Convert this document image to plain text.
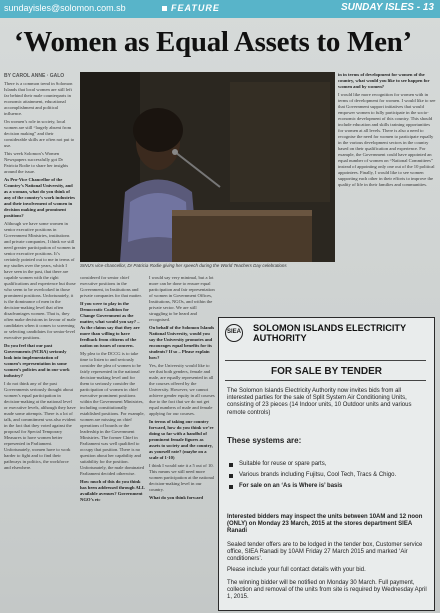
sundayisles@solomon.com.sb	FEATURE	SUNDAY ISLES - 13
‘Women as Equal Assets to Men’
BY CAROL ANNE · GALO

There is a common trend in Solomon Islands that local women are still left far behind their male counterparts in economic attainment, educational accomplishment and political influence.

On women’s role in society, local women are still “largely absent from decision making” and their considerable skills are often not put to use.

This week Solomon’s Women Newspapers successfully got Dr Patricia Rodie to share her insights around the issue.

As Pro-Vice Chancellor of the Country’s National University, and as a woman, what do you think of any of the country’s work industries and their involvement of women in decision making and prominent positions?

Although we have some women in senior executive positions in Government Ministries, institutions and private companies, I think we still need greater participation of women in senior executive positions. It’s certainly pointed out to me in terms of my studies over the years, which I have seen in the past, that there are capable women with the right qualifications and experience but those who seem to be overlooked in those prominent positions. Unfortunately, it is the dominance of men in the decision-making level that often disadvantages women. That is, they often make decisions in favour of male candidates when it comes to screening or selecting candidates for senior-level executive positions.

Do you feel that our past Governments (NCRA) seriously look into implementation of women’s representation in some women’s policies and in our work industry?

I do not think any of the past Governments seriously thought about women’s equal participation in decision-making at the national level or executive levels, although they have made some attempts. There is a lot of talk, and commitment was also evident in the fact that they voted against the proposal for Special Temporary Measures to have women better represented in Parliament. Unfortunately, women have to work harder to fight and to find their pathways in politics, the workforce and elsewhere.

SINU’s vice-chancellor, Dr Patricia Rodie giving her speech during the World Teachers Day celebrations

considered for senior chief executive positions in the Government, in Institutions and private companies for that matter.

If you were to play in the Democratic Coalition for Change Government as the matter, what would you say? – As the claims say that they are more than willing to have feedback from citizens of the nation on issues of concern.

My plea to the DCCG is to take time to listen to and seriously consider the plea of women to be fairly represented in the national decision-making level and for them to seriously consider the participation of women in chief executive prominent positions within the Government Ministries, including constitutionally established positions. For example, women are missing on chief operations of boards or the leadership in the Government Ministries. The former Chief in Parliament was well qualified to occupy that position. There is no question about her capability and suitability for the position. Unfortunately, the male dominated Parliament decided otherwise.

How much of this do you think has been addressed through ALL available avenues? Government NGO’s etc

I would say very minimal, but a lot more can be done to ensure equal participation and fair representation of women in Government Offices, Institutions, NGOs, and within the private sector. We are still struggling to be heard and recognised.

On behalf of the Solomon Islands National University, would you say the University promotes and encourages equal benefits for its students? If so – Please explain how?

Yes, the University would like to see that both genders, female and male, are equally represented in all the courses offered by the University. However, we cannot achieve gender equity in all courses due to the fact that we do not get equal numbers of male and female applying for our courses.

In terms of taking our country forward, how do you think we’re doing so far with a handful of prominent female figures as assets to society and the country, as yourself rate? (maybe on a scale of 1-10)

I think I would rate it a 5 out of 10. This means we still need more women participation at the national decision-making level in our country.

What do you think forward

in in terms of development for women of the country, what would you like to see happen for women and by women?

I would like more recognition for women with in terms of development for women. I would like to see that Government support initiatives that would empower women to fully participate in the socio-economic development of this country. This should include education and skills training opportunities for women at all levels. There is also a need to recognise the need for women to participate equally in the various development sectors in the country based on their qualification and experience. For example, the Government could have appointed an equal number of women on “National Committees” instead of appointing only one out of the 10 political appointees. Finally, I would like to see women supporting each other in their efforts to improve the quality of life in their families and communities.

SIEA SOLOMON ISLANDS ELECTRICITY AUTHORITY
FOR SALE BY TENDER
The Solomon Islands Electricity Authority now invites bids from all interested parties for the sale of Split System Air Conditioning Units, consisting of 23 pieces (14 Indoor units, 10 Outdoor units and various remote controls)
These systems are:
Suitable for reuse or spare parts,
Various brands including Fujitsu, Cool Tech, Tracs & Chigo.
For sale on an ‘As is Where is’ basis
Interested bidders may inspect the units between 10AM and 12 noon (ONLY) on Monday 23 March, 2015 at the stores department SIEA Ranadi
Sealed tender offers are to be lodged in the tender box, Customer service office, SIEA Ranadi by 10AM Friday 27 March 2015 and marked ‘Air conditioners’.
Please include your full contact details with your bid.
The winning bidder will be notified on Monday 30 March. Full payment, collection and removal of the units from site is required by Wednesday April 1, 2015.
